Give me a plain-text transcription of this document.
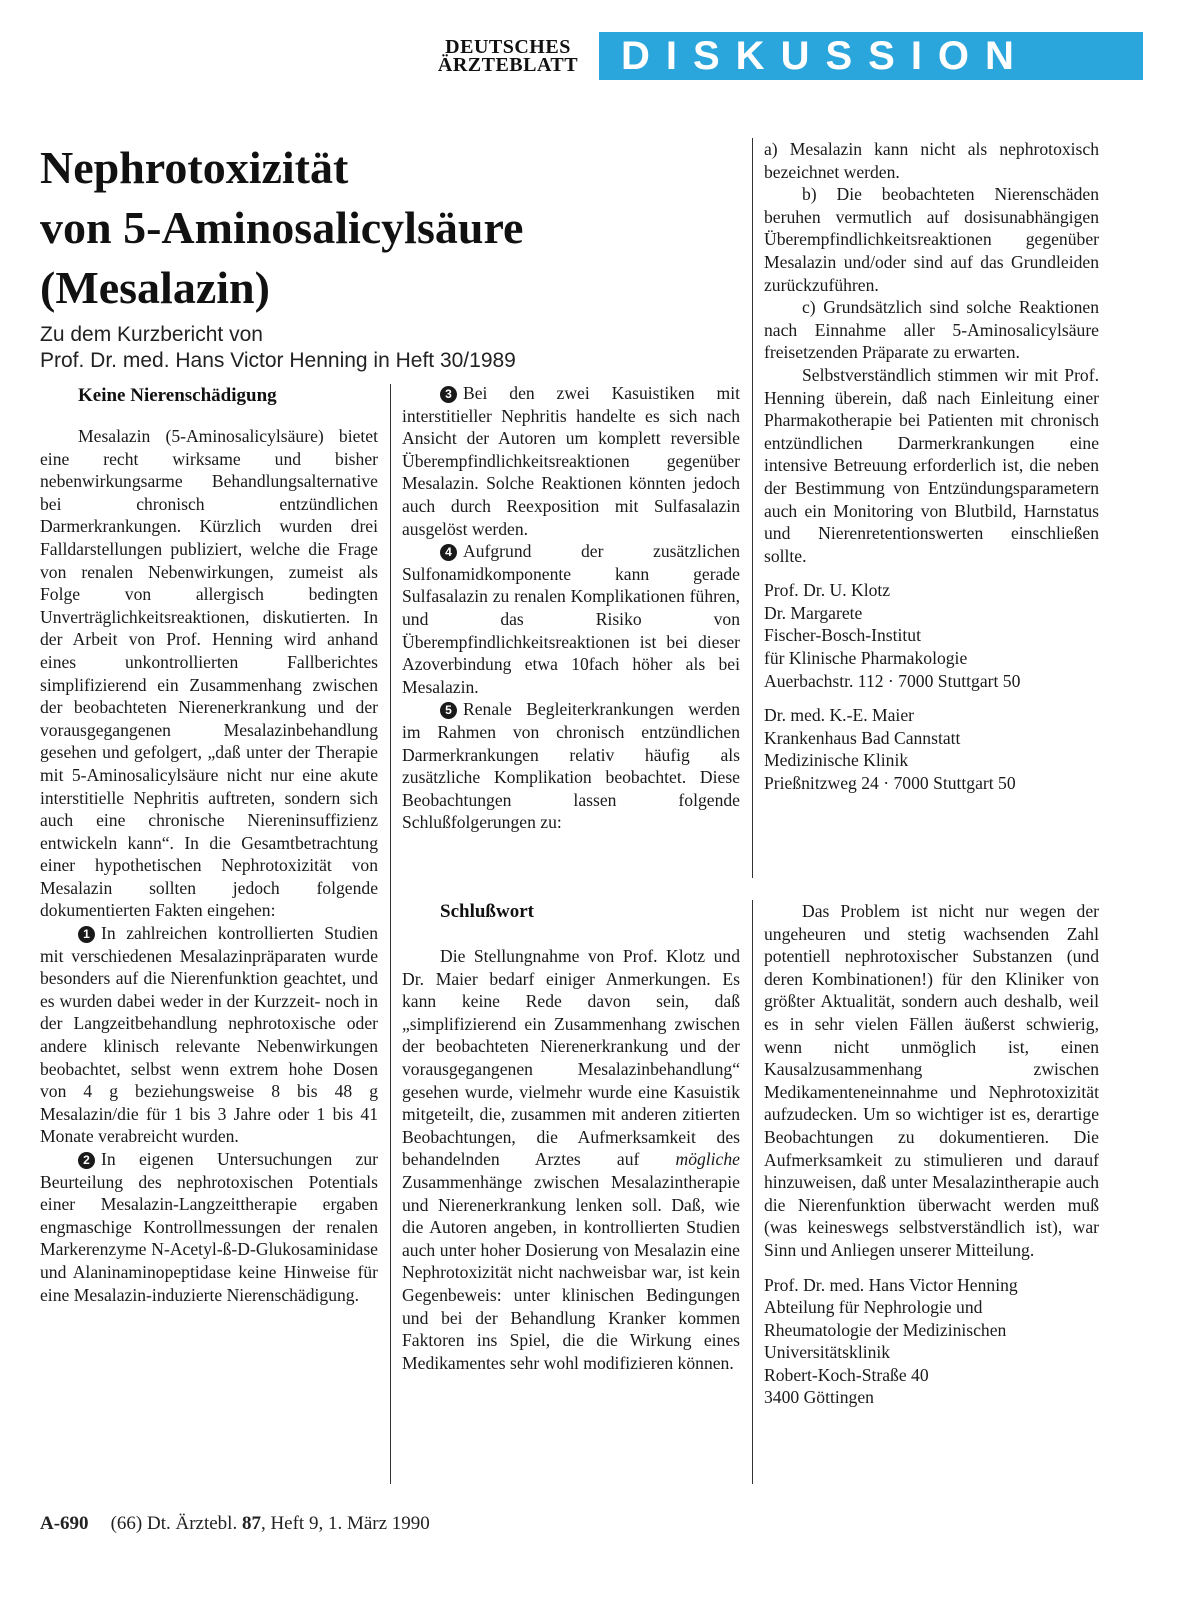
DEUTSCHES
ÄRZTEBLATT	DISKUSSION
Nephrotoxizität
von 5-Aminosalicylsäure
(Mesalazin)
Zu dem Kurzbericht von
Prof. Dr. med. Hans Victor Henning in Heft 30/1989
Keine Nierenschädigung
Schlußwort

Mesalazin (5-Aminosalicylsäure) bietet eine recht wirksame und bisher nebenwirkungsarme Behandlungsalternative bei chronisch entzündlichen Darmerkrankungen. Kürzlich wurden drei Falldarstellungen publiziert, welche die Frage von renalen Nebenwirkungen, zumeist als Folge von allergisch bedingten Unverträglichkeitsreaktionen, diskutierten. In der Arbeit von Prof. Henning wird anhand eines unkontrollierten Fallberichtes simplifizierend ein Zusammenhang zwischen der beobachteten Nierenerkrankung und der vorausgegangenen Mesalazinbehandlung gesehen und gefolgert, „daß unter der Therapie mit 5-Aminosalicylsäure nicht nur eine akute interstitielle Nephritis auftreten, sondern sich auch eine chronische Niereninsuffizienz entwickeln kann“. In die Gesamtbetrachtung einer hypothetischen Nephrotoxizität von Mesalazin sollten jedoch folgende dokumentierten Fakten eingehen:

1 In zahlreichen kontrollierten Studien mit verschiedenen Mesalazinpräparaten wurde besonders auf die Nierenfunktion geachtet, und es wurden dabei weder in der Kurzzeit- noch in der Langzeitbehandlung nephrotoxische oder andere klinisch relevante Nebenwirkungen beobachtet, selbst wenn extrem hohe Dosen von 4 g beziehungsweise 8 bis 48 g Mesalazin/die für 1 bis 3 Jahre oder 1 bis 41 Monate verabreicht wurden.

2 In eigenen Untersuchungen zur Beurteilung des nephrotoxischen Potentials einer Mesalazin-Langzeittherapie ergaben engmaschige Kontrollmessungen der renalen Markerenzyme N-Acetyl-ß-D-Glukosaminidase und Alaninaminopeptidase keine Hinweise für eine Mesalazin-induzierte Nierenschädigung.

3 Bei den zwei Kasuistiken mit interstitieller Nephritis handelte es sich nach Ansicht der Autoren um komplett reversible Überempfindlichkeitsreaktionen gegenüber Mesalazin. Solche Reaktionen könnten jedoch auch durch Reexposition mit Sulfasalazin ausgelöst werden.

4 Aufgrund der zusätzlichen Sulfonamidkomponente kann gerade Sulfasalazin zu renalen Komplikationen führen, und das Risiko von Überempfindlichkeitsreaktionen ist bei dieser Azoverbindung etwa 10fach höher als bei Mesalazin.

5 Renale Begleiterkrankungen werden im Rahmen von chronisch entzündlichen Darmerkrankungen relativ häufig als zusätzliche Komplikation beobachtet. Diese Beobachtungen lassen folgende Schlußfolgerungen zu:

Die Stellungnahme von Prof. Klotz und Dr. Maier bedarf einiger Anmerkungen. Es kann keine Rede davon sein, daß „simplifizierend ein Zusammenhang zwischen der beobachteten Nierenerkrankung und der vorausgegangenen Mesalazinbehandlung“ gesehen wurde, vielmehr wurde eine Kasuistik mitgeteilt, die, zusammen mit anderen zitierten Beobachtungen, die Aufmerksamkeit des behandelnden Arztes auf mögliche Zusammenhänge zwischen Mesalazintherapie und Nierenerkrankung lenken soll. Daß, wie die Autoren angeben, in kontrollierten Studien auch unter hoher Dosierung von Mesalazin eine Nephrotoxizität nicht nachweisbar war, ist kein Gegenbeweis: unter klinischen Bedingungen und bei der Behandlung Kranker kommen Faktoren ins Spiel, die die Wirkung eines Medikamentes sehr wohl modifizieren können.

a) Mesalazin kann nicht als nephrotoxisch bezeichnet werden.

b) Die beobachteten Nierenschäden beruhen vermutlich auf dosisunabhängigen Überempfindlichkeitsreaktionen gegenüber Mesalazin und/oder sind auf das Grundleiden zurückzuführen.

c) Grundsätzlich sind solche Reaktionen nach Einnahme aller 5-Aminosalicylsäure freisetzenden Präparate zu erwarten.

Selbstverständlich stimmen wir mit Prof. Henning überein, daß nach Einleitung einer Pharmakotherapie bei Patienten mit chronisch entzündlichen Darmerkrankungen eine intensive Betreuung erforderlich ist, die neben der Bestimmung von Entzündungsparametern auch ein Monitoring von Blutbild, Harnstatus und Nierenretentionswerten einschließen sollte.

Prof. Dr. U. Klotz
Dr. Margarete
Fischer-Bosch-Institut
für Klinische Pharmakologie
Auerbachstr. 112 · 7000 Stuttgart 50
Dr. med. K.-E. Maier
Krankenhaus Bad Cannstatt
Medizinische Klinik
Prießnitzweg 24 · 7000 Stuttgart 50

Das Problem ist nicht nur wegen der ungeheuren und stetig wachsenden Zahl potentiell nephrotoxischer Substanzen (und deren Kombinationen!) für den Kliniker von größter Aktualität, sondern auch deshalb, weil es in sehr vielen Fällen äußerst schwierig, wenn nicht unmöglich ist, einen Kausalzusammenhang zwischen Medikamenteneinnahme und Nephrotoxizität aufzudecken. Um so wichtiger ist es, derartige Beobachtungen zu dokumentieren. Die Aufmerksamkeit zu stimulieren und darauf hinzuweisen, daß unter Mesalazintherapie auch die Nierenfunktion überwacht werden muß (was keineswegs selbstverständlich ist), war Sinn und Anliegen unserer Mitteilung.

Prof. Dr. med. Hans Victor Henning
Abteilung für Nephrologie und
Rheumatologie der Medizinischen
Universitätsklinik
Robert-Koch-Straße 40
3400 Göttingen
A-690 (66) Dt. Ärztebl. 87, Heft 9, 1. März 1990
